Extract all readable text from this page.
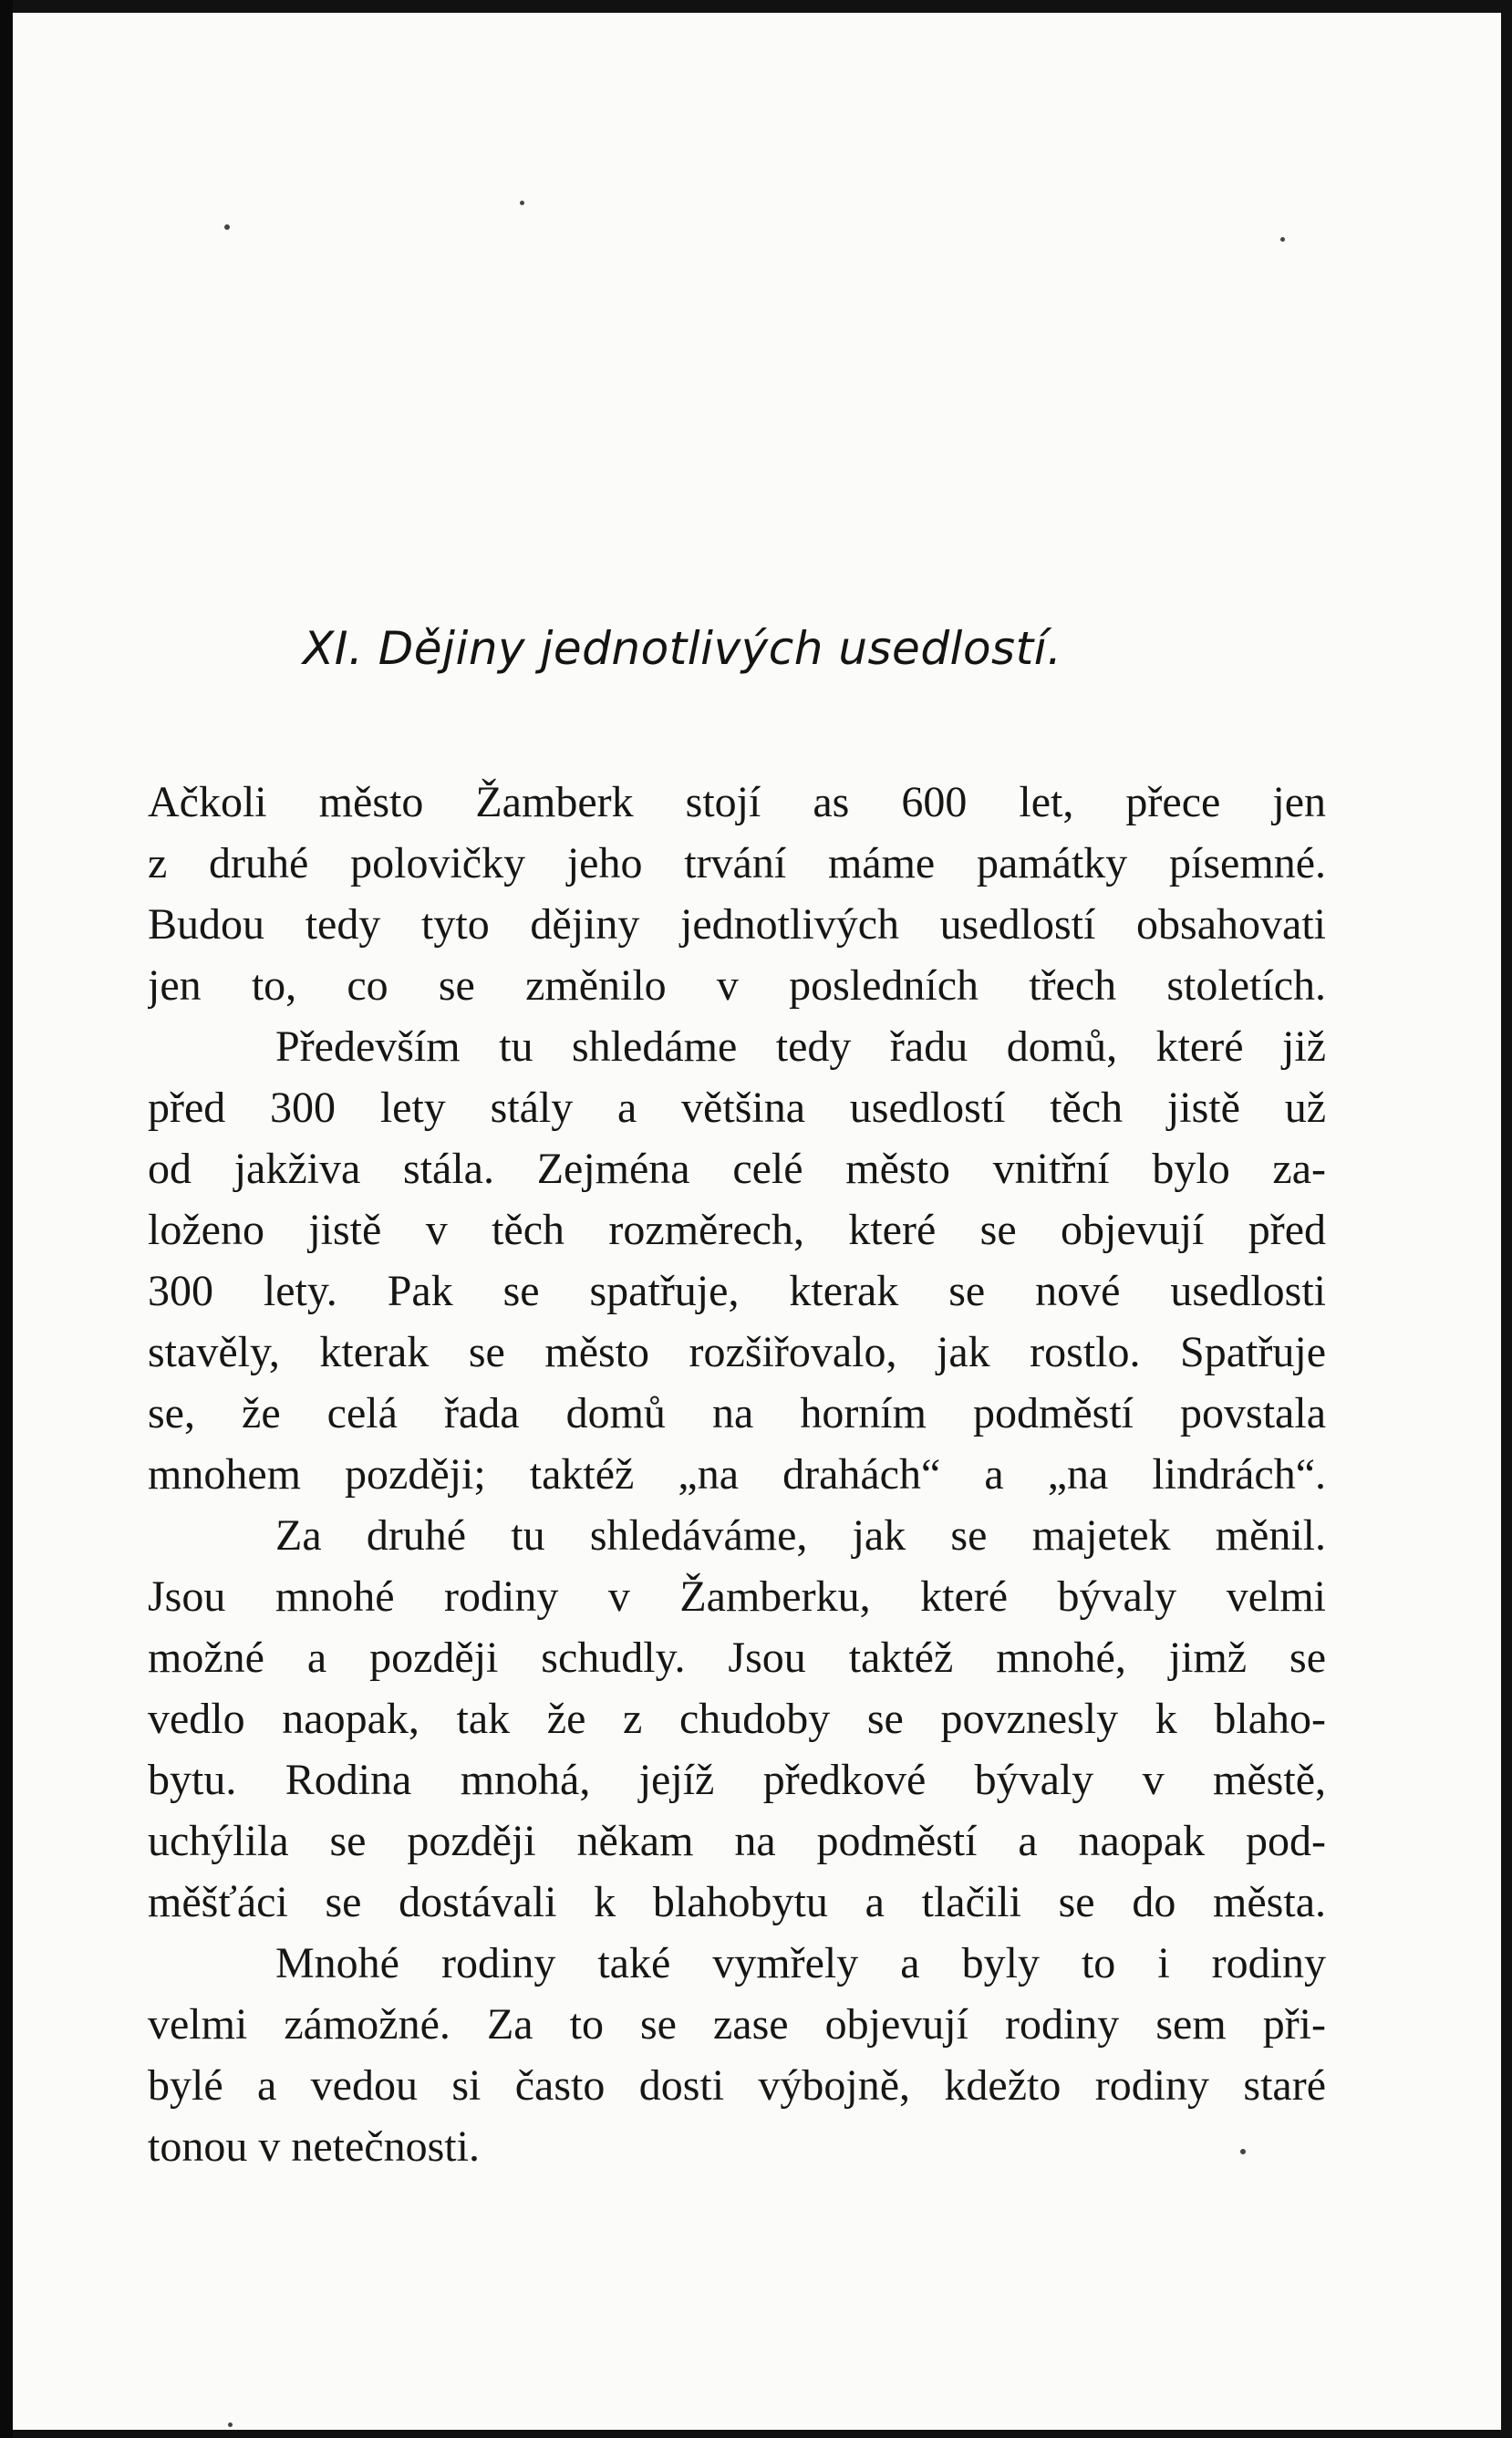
XI. Dějiny jednotlivých usedlostí.
Ačkoli město Žamberk stojí as 600 let, přece jen
z druhé polovičky jeho trvání máme památky písemné.
Budou tedy tyto dějiny jednotlivých usedlostí obsahovati
jen to, co se změnilo v posledních třech stoletích.
Především tu shledáme tedy řadu domů, které již
před 300 lety stály a většina usedlostí těch jistě už
od jakživa stála. Zejména celé město vnitřní bylo za-
loženo jistě v těch rozměrech, které se objevují před
300 lety. Pak se spatřuje, kterak se nové usedlosti
stavěly, kterak se město rozšiřovalo, jak rostlo. Spatřuje
se, že celá řada domů na horním podměstí povstala
mnohem později; taktéž „na drahách“ a „na lindrách“.
Za druhé tu shledáváme, jak se majetek měnil.
Jsou mnohé rodiny v Žamberku, které bývaly velmi
možné a později schudly. Jsou taktéž mnohé, jimž se
vedlo naopak, tak že z chudoby se povznesly k blaho-
bytu. Rodina mnohá, jejíž předkové bývaly v městě,
uchýlila se později někam na podměstí a naopak pod-
měšťáci se dostávali k blahobytu a tlačili se do města.
Mnohé rodiny také vymřely a byly to i rodiny
velmi zámožné. Za to se zase objevují rodiny sem při-
bylé a vedou si často dosti výbojně, kdežto rodiny staré
tonou v netečnosti.
